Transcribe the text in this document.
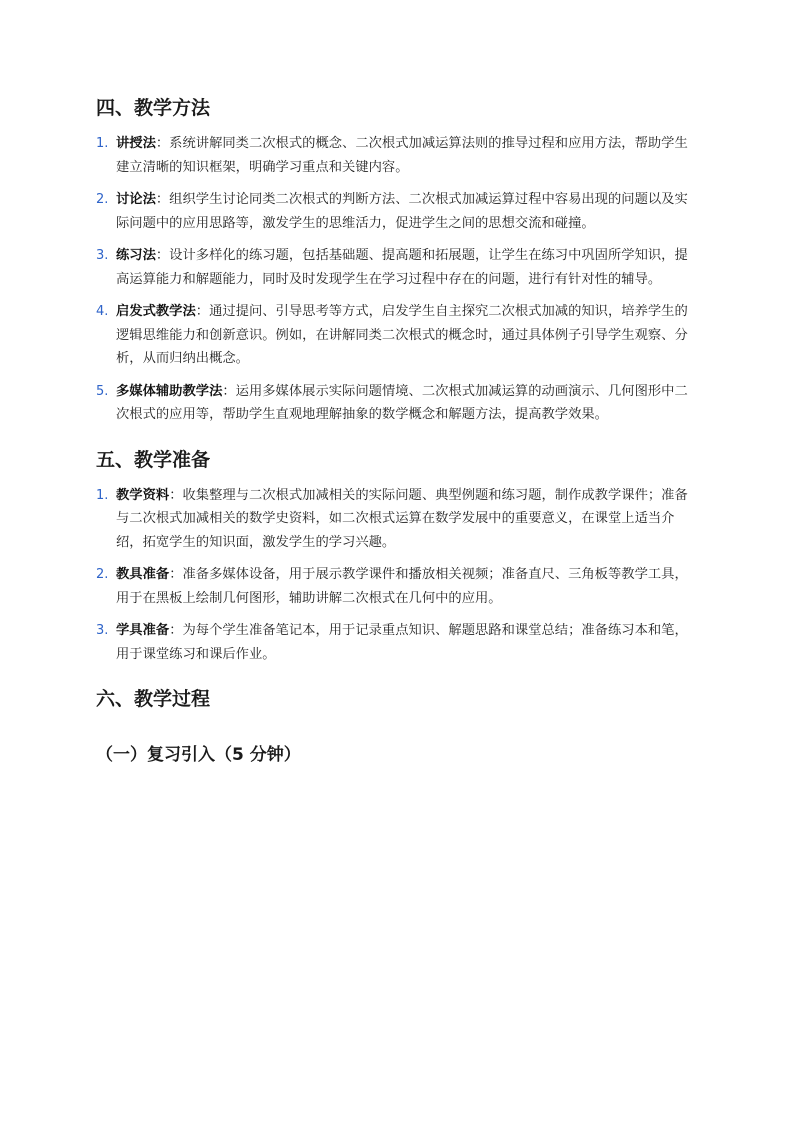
四、教学方法
1. 讲授法：系统讲解同类二次根式的概念、二次根式加减运算法则的推导过程和应用方法，帮助学生建立清晰的知识框架，明确学习重点和关键内容。
2. 讨论法：组织学生讨论同类二次根式的判断方法、二次根式加减运算过程中容易出现的问题以及实际问题中的应用思路等，激发学生的思维活力，促进学生之间的思想交流和碰撞。
3. 练习法：设计多样化的练习题，包括基础题、提高题和拓展题，让学生在练习中巩固所学知识，提高运算能力和解题能力，同时及时发现学生在学习过程中存在的问题，进行有针对性的辅导。
4. 启发式教学法：通过提问、引导思考等方式，启发学生自主探究二次根式加减的知识，培养学生的逻辑思维能力和创新意识。例如，在讲解同类二次根式的概念时，通过具体例子引导学生观察、分析，从而归纳出概念。
5. 多媒体辅助教学法：运用多媒体展示实际问题情境、二次根式加减运算的动画演示、几何图形中二次根式的应用等，帮助学生直观地理解抽象的数学概念和解题方法，提高教学效果。
五、教学准备
1. 教学资料：收集整理与二次根式加减相关的实际问题、典型例题和练习题，制作成教学课件；准备与二次根式加减相关的数学史资料，如二次根式运算在数学发展中的重要意义，在课堂上适当介绍，拓宽学生的知识面，激发学生的学习兴趣。
2. 教具准备：准备多媒体设备，用于展示教学课件和播放相关视频；准备直尺、三角板等教学工具，用于在黑板上绘制几何图形，辅助讲解二次根式在几何中的应用。
3. 学具准备：为每个学生准备笔记本，用于记录重点知识、解题思路和课堂总结；准备练习本和笔，用于课堂练习和课后作业。
六、教学过程
（一）复习引入（5 分钟）
